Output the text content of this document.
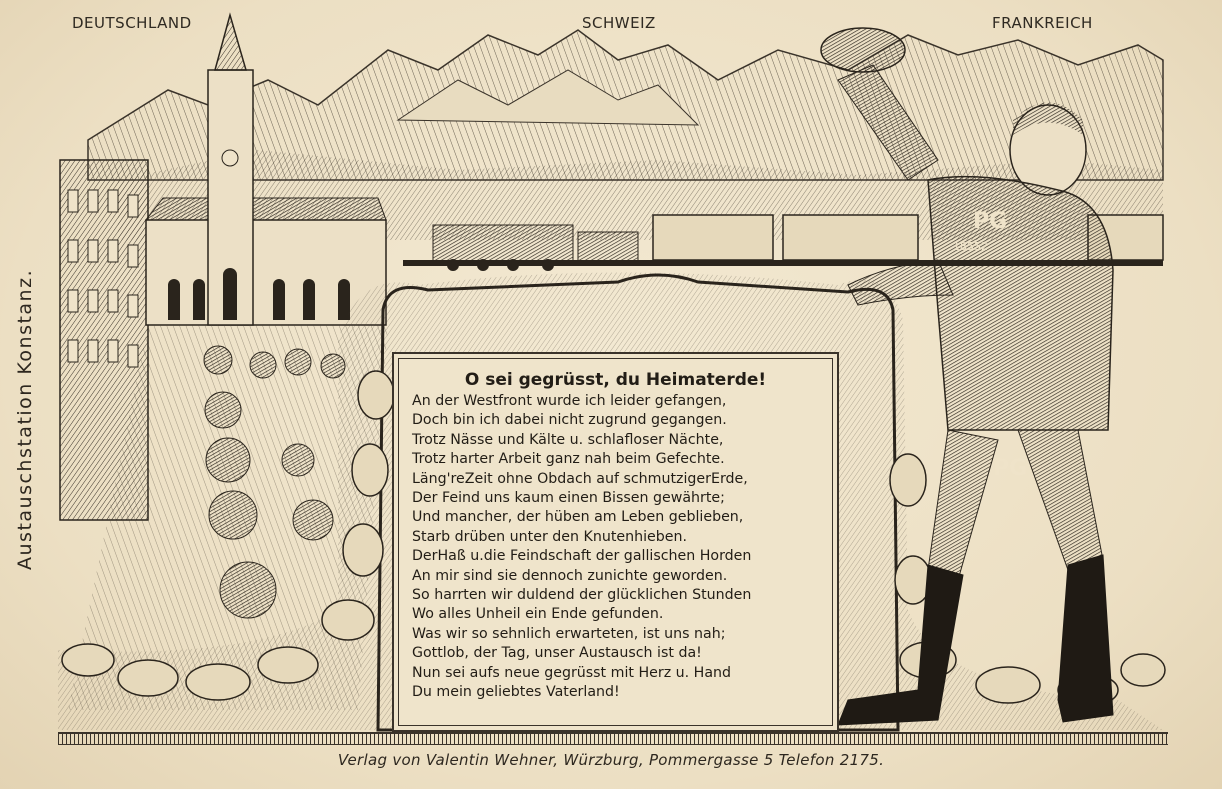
DEUTSCHLAND	SCHWEIZ	FRANKREICH
Austauschstation Konstanz.
PG
18552
PG
O sei gegrüsst, du Heimaterde!
An der Westfront wurde ich leider gefangen,
Doch bin ich dabei nicht zugrund gegangen.
Trotz Nässe und Kälte u. schlafloser Nächte,
Trotz harter Arbeit ganz nah beim Gefechte.
Läng'reZeit ohne Obdach auf schmutzigerErde,
Der Feind uns kaum einen Bissen gewährte;
Und mancher, der hüben am Leben geblieben,
Starb drüben unter den Knutenhieben.
DerHaß u.die Feindschaft der gallischen Horden
An mir sind sie dennoch zunichte geworden.
So harrten wir duldend der glücklichen Stunden
Wo alles Unheil ein Ende gefunden.
Was wir so sehnlich erwarteten, ist uns nah;
Gottlob, der Tag, unser Austausch ist da!
Nun sei aufs neue gegrüsst mit Herz u. Hand
Du mein geliebtes Vaterland!
Verlag von Valentin Wehner, Würzburg, Pommergasse 5 Telefon 2175.
